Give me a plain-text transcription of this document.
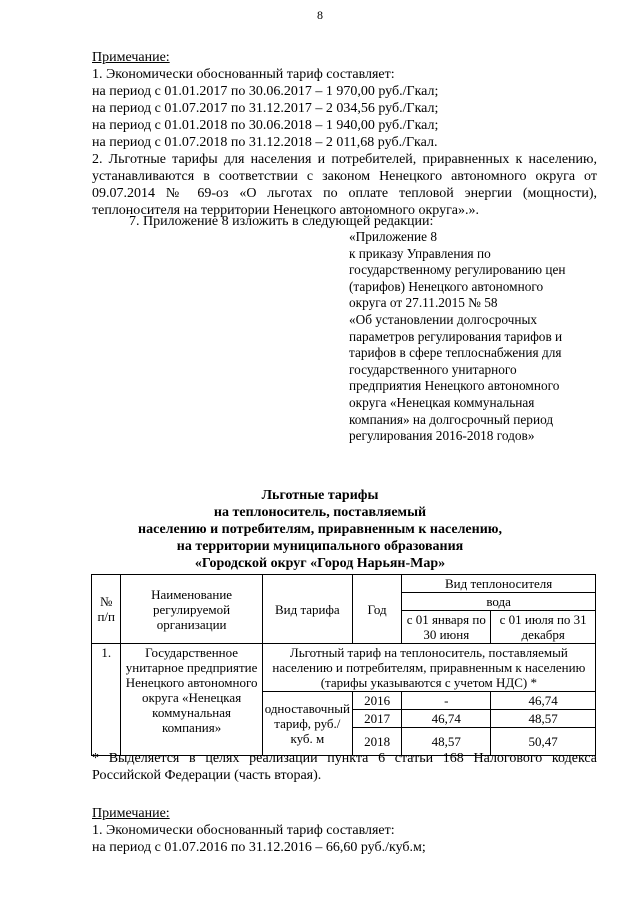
8
Примечание:
1. Экономически обоснованный тариф составляет:
на период с 01.01.2017 по 30.06.2017 – 1 970,00 руб./Гкал;
на период с 01.07.2017 по 31.12.2017 – 2 034,56 руб./Гкал;
на период с 01.01.2018 по 30.06.2018 – 1 940,00 руб./Гкал;
на период с 01.07.2018 по 31.12.2018 – 2 011,68 руб./Гкал.
2. Льготные тарифы для населения и потребителей, приравненных к населению, устанавливаются в соответствии с законом Ненецкого автономного округа от 09.07.2014 № 69-оз «О льготах по оплате тепловой энергии (мощности), теплоносителя на территории Ненецкого автономного округа».».
7. Приложение 8 изложить в следующей редакции:
«Приложение 8
к приказу Управления по
государственному регулированию цен
(тарифов) Ненецкого автономного
округа от 27.11.2015 № 58
«Об установлении долгосрочных
параметров регулирования тарифов и
тарифов в сфере теплоснабжения для
государственного унитарного
предприятия Ненецкого автономного
округа «Ненецкая коммунальная
компания» на долгосрочный период
регулирования 2016-2018 годов»
Льготные тарифы
на теплоноситель, поставляемый
населению и потребителям, приравненным к населению,
на территории муниципального образования
«Городской округ «Город Нарьян-Мар»
№ п/п	Наименование регулируемой организации	Вид тарифа	Год	Вид теплоносителя	
				вода	
				с 01 января по 30 июня	с 01 июля по 31 декабря
1.	Государственное унитарное предприятие Ненецкого автономного округа «Ненецкая коммунальная компания»	Льготный тариф на теплоноситель, поставляемый населению и потребителям, приравненным к населению (тарифы указываются с учетом НДС) *			
		одноставочный тариф, руб./куб. м	2016	-	46,74
			2017	46,74	48,57
			2018	48,57	50,47
* Выделяется в целях реализации пункта 6 статьи 168 Налогового кодекса Российской Федерации (часть вторая).
Примечание:
1. Экономически обоснованный тариф составляет:
на период с 01.07.2016 по 31.12.2016 – 66,60 руб./куб.м;
